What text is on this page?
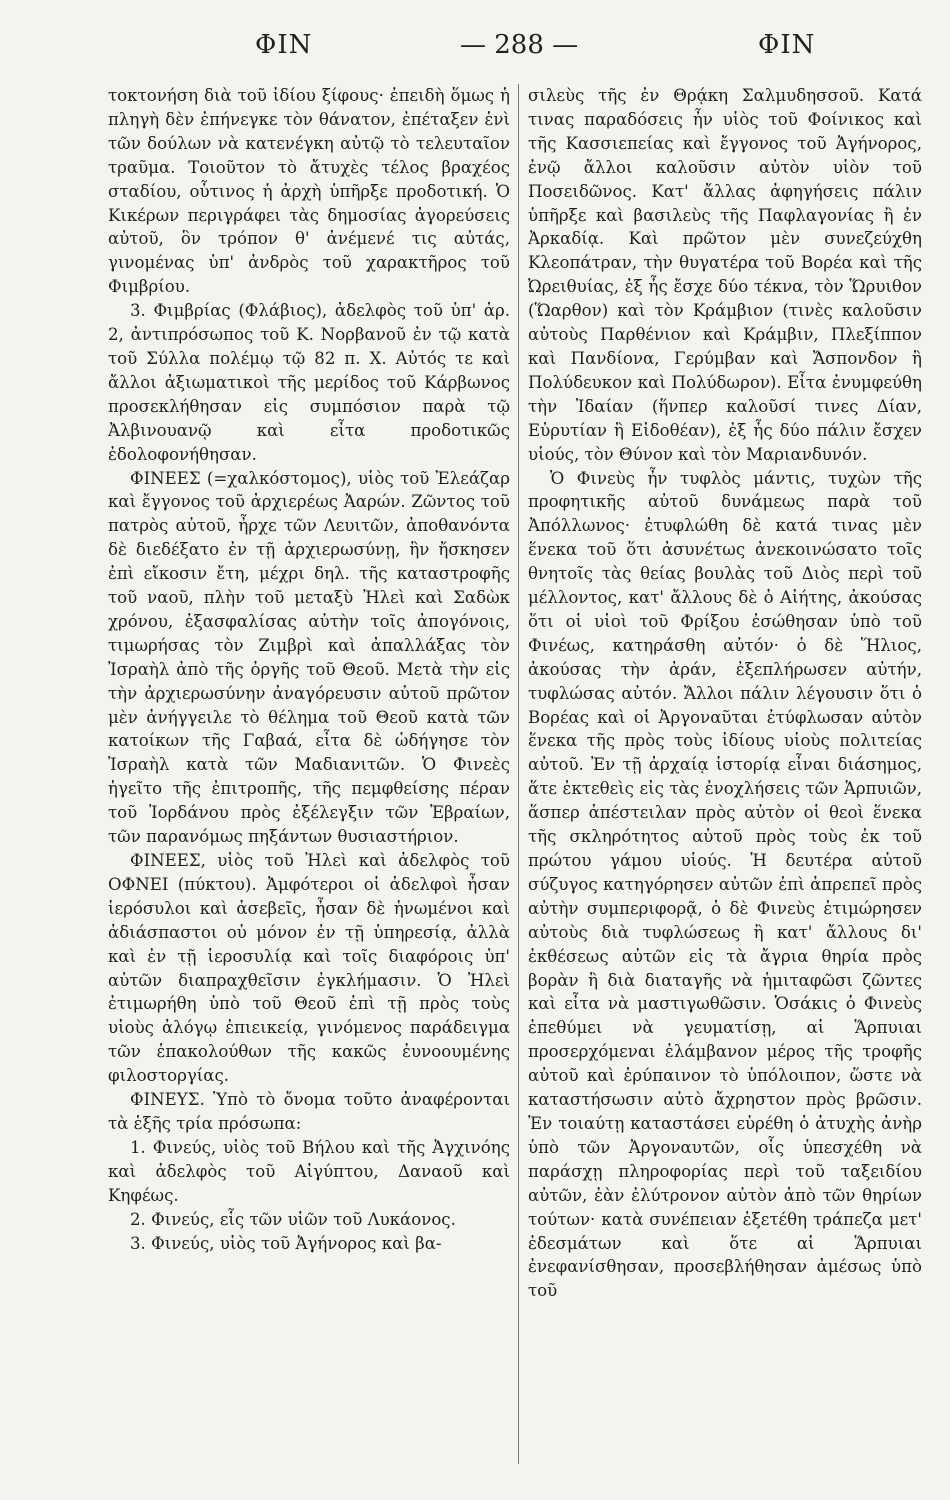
ΦΙΝ	— 288 —	ΦΙΝ

τοκτονήση διὰ τοῦ ἰδίου ξίφους· ἐπειδὴ ὅμως ἡ πληγὴ δὲν ἐπήνεγκε τὸν θάνατον, ἐπέταξεν ἑνὶ τῶν δούλων νὰ κατενέγκη αὐτῷ τὸ τελευταῖον τραῦμα. Τοιοῦτον τὸ ἄτυχὲς τέλος βραχέος σταδίου, οὗτινος ἡ ἀρχὴ ὑπῆρξε προδοτική. Ὁ Κικέρων περιγράφει τὰς δημοσίας ἀγορεύσεις αὐτοῦ, ὃν τρόπον θ' ἀνέμενέ τις αὐτάς, γινομένας ὑπ' ἀνδρὸς τοῦ χαρακτῆρος τοῦ Φιμβρίου.

3. Φιμβρίας (Φλάβιος), ἀδελφὸς τοῦ ὑπ' ἀρ. 2, ἀντιπρόσωπος τοῦ Κ. Νορβανοῦ ἐν τῷ κατὰ τοῦ Σύλλα πολέμῳ τῷ 82 π. Χ. Αὐτός τε καὶ ἄλλοι ἀξιωματικοὶ τῆς μερίδος τοῦ Κάρβωνος προσεκλήθησαν εἰς συμπόσιον παρὰ τῷ Ἀλβινουανῷ καὶ εἶτα προδοτικῶς ἐδολοφονήθησαν.

ΦΙΝΕΕΣ (=χαλκόστομος), υἱὸς τοῦ Ἐλεάζαρ καὶ ἔγγονος τοῦ ἀρχιερέως Ἀαρών. Ζῶντος τοῦ πατρὸς αὐτοῦ, ἦρχε τῶν Λευιτῶν, ἀποθανόντα δὲ διεδέξατο ἐν τῇ ἀρχιερωσύνῃ, ἣν ἤσκησεν ἐπὶ εἴκοσιν ἔτη, μέχρι δηλ. τῆς καταστροφῆς τοῦ ναοῦ, πλὴν τοῦ μεταξὺ Ἠλεὶ καὶ Σαδὼκ χρόνου, ἐξασφαλίσας αὐτὴν τοῖς ἀπογόνοις, τιμωρήσας τὸν Ζιμβρὶ καὶ ἀπαλλάξας τὸν Ἰσραὴλ ἀπὸ τῆς ὀργῆς τοῦ Θεοῦ. Μετὰ τὴν εἰς τὴν ἀρχιερωσύνην ἀναγόρευσιν αὐτοῦ πρῶτον μὲν ἀνήγγειλε τὸ θέλημα τοῦ Θεοῦ κατὰ τῶν κατοίκων τῆς Γαβαά, εἶτα δὲ ὡδήγησε τὸν Ἰσραὴλ κατὰ τῶν Μαδιανιτῶν. Ὁ Φινεὲς ἡγεῖτο τῆς ἐπιτροπῆς, τῆς πεμφθείσης πέραν τοῦ Ἰορδάνου πρὸς ἐξέλεγξιν τῶν Ἑβραίων, τῶν παρανόμως πηξάντων θυσιαστήριον.

ΦΙΝΕΕΣ, υἱὸς τοῦ Ἠλεὶ καὶ ἀδελφὸς τοῦ ΟΦΝΕΙ (πύκτου). Ἀμφότεροι οἱ ἀδελφοὶ ἦσαν ἱερόσυλοι καὶ ἀσεβεῖς, ἦσαν δὲ ἡνωμένοι καὶ ἀδιάσπαστοι οὐ μόνον ἐν τῇ ὑπηρεσίᾳ, ἀλλὰ καὶ ἐν τῇ ἱεροσυλίᾳ καὶ τοῖς διαφόροις ὑπ' αὐτῶν διαπραχθεῖσιν ἐγκλήμασιν. Ὁ Ἠλεὶ ἐτιμωρήθη ὑπὸ τοῦ Θεοῦ ἐπὶ τῇ πρὸς τοὺς υἱοὺς ἀλόγῳ ἐπιεικείᾳ, γινόμενος παράδειγμα τῶν ἐπακολούθων τῆς κακῶς ἐυνοουμένης φιλοστοργίας.

ΦΙΝΕΥΣ. Ὑπὸ τὸ ὄνομα τοῦτο ἀναφέρονται τὰ ἑξῆς τρία πρόσωπα:

1. Φινεύς, υἱὸς τοῦ Βήλου καὶ τῆς Ἀγχινόης καὶ ἀδελφὸς τοῦ Αἰγύπτου, Δαναοῦ καὶ Κηφέως.

2. Φινεύς, εἷς τῶν υἱῶν τοῦ Λυκάονος.

3. Φινεύς, υἱὸς τοῦ Ἀγήνορος καὶ βα-

σιλεὺς τῆς ἐν Θρᾴκη Σαλμυδησσοῦ. Κατά τινας παραδόσεις ἦν υἱὸς τοῦ Φοίνικος καὶ τῆς Κασσιεπείας καὶ ἔγγονος τοῦ Ἀγήνορος, ἐνῷ ἄλλοι καλοῦσιν αὐτὸν υἱὸν τοῦ Ποσειδῶνος. Κατ' ἄλλας ἀφηγήσεις πάλιν ὑπῆρξε καὶ βασιλεὺς τῆς Παφλαγονίας ἢ ἐν Ἀρκαδίᾳ. Καὶ πρῶτον μὲν συνεζεύχθη Κλεοπάτραν, τὴν θυγατέρα τοῦ Βορέα καὶ τῆς Ὠρειθυίας, ἐξ ἧς ἔσχε δύο τέκνα, τὸν Ὥρυιθον (Ὥαρθον) καὶ τὸν Κράμβιον (τινὲς καλοῦσιν αὐτοὺς Παρθένιον καὶ Κράμβιν, Πλεξίππον καὶ Πανδίονα, Γερύμβαν καὶ Ἄσπονδον ἢ Πολύδευκον καὶ Πολύδωρον). Εἶτα ἐνυμφεύθη τὴν Ἰδαίαν (ἥνπερ καλοῦσί τινες Δίαν, Εὐρυτίαν ἢ Εἰδοθέαν), ἐξ ἧς δύο πάλιν ἔσχεν υἱούς, τὸν Θύνον καὶ τὸν Μαριανδυνόν.

Ὁ Φινεὺς ἦν τυφλὸς μάντις, τυχὼν τῆς προφητικῆς αὐτοῦ δυνάμεως παρὰ τοῦ Ἀπόλλωνος· ἐτυφλώθη δὲ κατά τινας μὲν ἕνεκα τοῦ ὅτι ἀσυνέτως ἀνεκοινώσατο τοῖς θνητοῖς τὰς θείας βουλὰς τοῦ Διὸς περὶ τοῦ μέλλοντος, κατ' ἄλλους δὲ ὁ Αἰήτης, ἀκούσας ὅτι οἱ υἱοὶ τοῦ Φρίξου ἐσώθησαν ὑπὸ τοῦ Φινέως, κατηράσθη αὐτόν· ὁ δὲ Ἥλιος, ἀκούσας τὴν ἀράν, ἐξεπλήρωσεν αὐτήν, τυφλώσας αὐτόν. Ἄλλοι πάλιν λέγουσιν ὅτι ὁ Βορέας καὶ οἱ Ἀργοναῦται ἐτύφλωσαν αὐτὸν ἕνεκα τῆς πρὸς τοὺς ἰδίους υἱοὺς πολιτείας αὐτοῦ. Ἐν τῇ ἀρχαίᾳ ἱστορίᾳ εἶναι διάσημος, ἅτε ἐκτεθεὶς εἰς τὰς ἐνοχλήσεις τῶν Ἁρπυιῶν, ἅσπερ ἀπέστειλαν πρὸς αὐτὸν οἱ θεοὶ ἕνεκα τῆς σκληρότητος αὐτοῦ πρὸς τοὺς ἐκ τοῦ πρώτου γάμου υἱούς. Ἡ δευτέρα αὐτοῦ σύζυγος κατηγόρησεν αὐτῶν ἐπὶ ἀπρεπεῖ πρὸς αὐτὴν συμπεριφορᾷ, ὁ δὲ Φινεὺς ἐτιμώρησεν αὐτοὺς διὰ τυφλώσεως ἢ κατ' ἄλλους δι' ἐκθέσεως αὐτῶν εἰς τὰ ἄγρια θηρία πρὸς βορὰν ἢ διὰ διαταγῆς νὰ ἡμιταφῶσι ζῶντες καὶ εἶτα νὰ μαστιγωθῶσιν. Ὁσάκις ὁ Φινεὺς ἐπεθύμει νὰ γευματίσῃ, αἱ Ἅρπυιαι προσερχόμεναι ἐλάμβανον μέρος τῆς τροφῆς αὐτοῦ καὶ ἐρύπαινον τὸ ὑπόλοιπον, ὥστε νὰ καταστήσωσιν αὐτὸ ἄχρηστον πρὸς βρῶσιν. Ἐν τοιαύτῃ καταστάσει εὑρέθη ὁ ἀτυχὴς ἀνὴρ ὑπὸ τῶν Ἀργοναυτῶν, οἷς ὑπεσχέθη νὰ παράσχῃ πληροφορίας περὶ τοῦ ταξειδίου αὐτῶν, ἐὰν ἐλύτρονον αὐτὸν ἀπὸ τῶν θηρίων τούτων· κατὰ συνέπειαν ἐξετέθη τράπεζα μετ' ἐδεσμάτων καὶ ὅτε αἱ Ἅρπυιαι ἐνεφανίσθησαν, προσεβλήθησαν ἀμέσως ὑπὸ τοῦ
